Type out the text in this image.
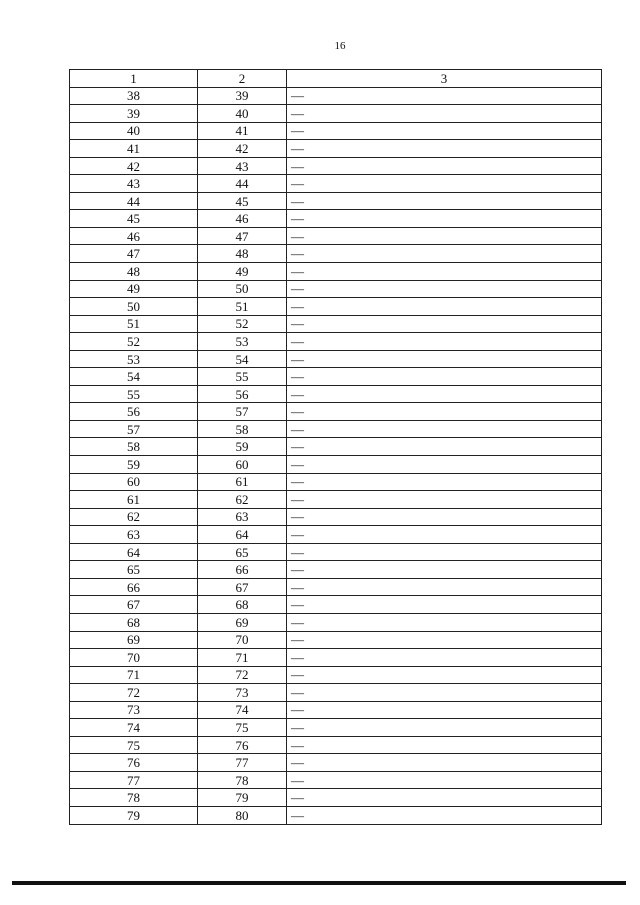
16
1	2	3
38	39	—
39	40	—
40	41	—
41	42	—
42	43	—
43	44	—
44	45	—
45	46	—
46	47	—
47	48	—
48	49	—
49	50	—
50	51	—
51	52	—
52	53	—
53	54	—
54	55	—
55	56	—
56	57	—
57	58	—
58	59	—
59	60	—
60	61	—
61	62	—
62	63	—
63	64	—
64	65	—
65	66	—
66	67	—
67	68	—
68	69	—
69	70	—
70	71	—
71	72	—
72	73	—
73	74	—
74	75	—
75	76	—
76	77	—
77	78	—
78	79	—
79	80	—
